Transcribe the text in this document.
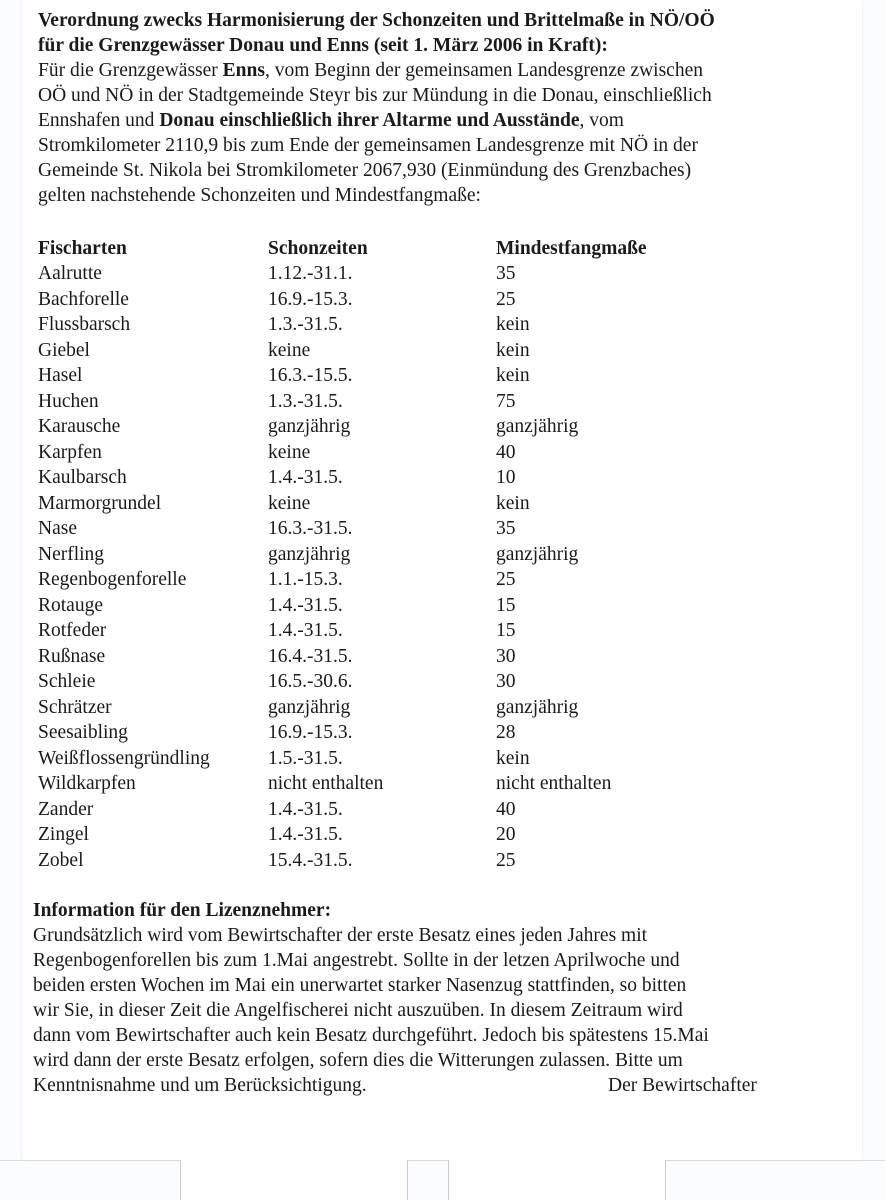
Verordnung zwecks Harmonisierung der Schonzeiten und Brittelmaße in NÖ/OÖ
für die Grenzgewässer Donau und Enns (seit 1. März 2006 in Kraft):

Für die Grenzgewässer Enns, vom Beginn der gemeinsamen Landesgrenze zwischen

OÖ und NÖ in der Stadtgemeinde Steyr bis zur Mündung in die Donau, einschließlich

Ennshafen und Donau einschließlich ihrer Altarme und Ausstände, vom

Stromkilometer 2110,9 bis zum Ende der gemeinsamen Landesgrenze mit NÖ in der

Gemeinde St. Nikola bei Stromkilometer 2067,930 (Einmündung des Grenzbaches)

gelten nachstehende Schonzeiten und Mindestfangmaße:

Fischarten	Schonzeiten	Mindestfangmaße
Aalrutte	1.12.-31.1.	35
Bachforelle	16.9.-15.3.	25
Flussbarsch	1.3.-31.5.	kein
Giebel	keine	kein
Hasel	16.3.-15.5.	kein
Huchen	1.3.-31.5.	75
Karausche	ganzjährig	ganzjährig
Karpfen	keine	40
Kaulbarsch	1.4.-31.5.	10
Marmorgrundel	keine	kein
Nase	16.3.-31.5.	35
Nerfling	ganzjährig	ganzjährig
Regenbogenforelle	1.1.-15.3.	25
Rotauge	1.4.-31.5.	15
Rotfeder	1.4.-31.5.	15
Rußnase	16.4.-31.5.	30
Schleie	16.5.-30.6.	30
Schrätzer	ganzjährig	ganzjährig
Seesaibling	16.9.-15.3.	28
Weißflossengründling	1.5.-31.5.	kein
Wildkarpfen	nicht enthalten	nicht enthalten
Zander	1.4.-31.5.	40
Zingel	1.4.-31.5.	20
Zobel	15.4.-31.5.	25
Information für den Lizenznehmer:

Grundsätzlich wird vom Bewirtschafter der erste Besatz eines jeden Jahres mit

Regenbogenforellen bis zum 1.Mai angestrebt. Sollte in der letzen Aprilwoche und

beiden ersten Wochen im Mai ein unerwartet starker Nasenzug stattfinden, so bitten

wir Sie, in dieser Zeit die Angelfischerei nicht auszuüben. In diesem Zeitraum wird

dann vom Bewirtschafter auch kein Besatz durchgeführt. Jedoch bis spätestens 15.Mai

wird dann der erste Besatz erfolgen, sofern dies die Witterungen zulassen. Bitte um

Kenntnisnahme und um Berücksichtigung.	Der Bewirtschafter
